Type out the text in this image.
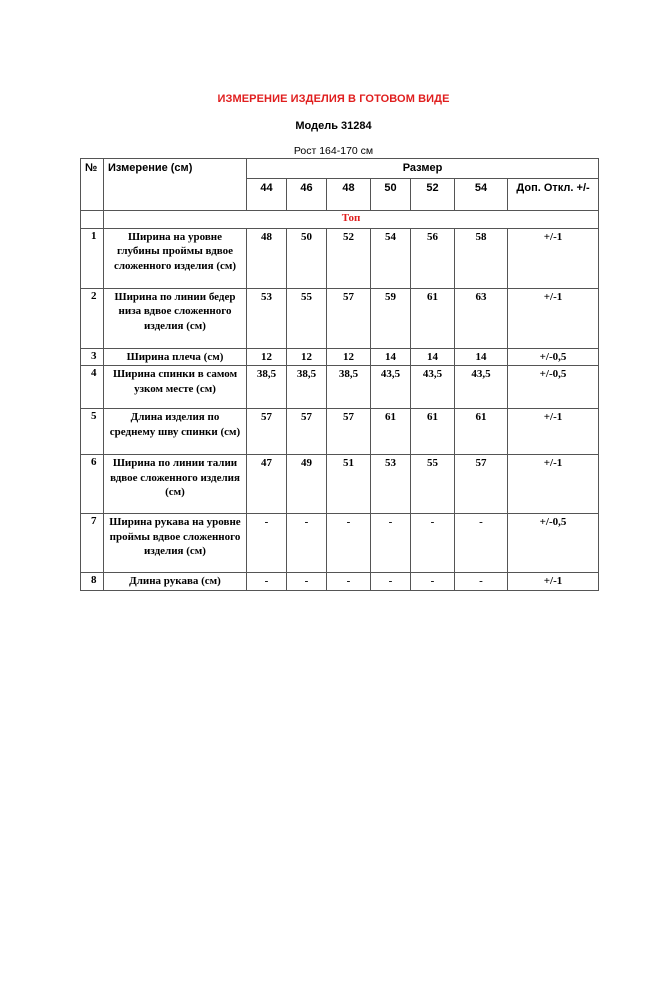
ИЗМЕРЕНИЕ ИЗДЕЛИЯ В ГОТОВОМ ВИДЕ
Модель 31284
Рост 164-170 см
№	Измерение (см)	Размер						
		44	46	48	50	52	54	Доп. Откл. +/-
	Топ							
1	Ширина на уровне глубины проймы вдвое сложенного изделия (см)	48	50	52	54	56	58	+/-1
2	Ширина по линии бедер низа вдвое сложенного изделия (см)	53	55	57	59	61	63	+/-1
3	Ширина плеча (см)	12	12	12	14	14	14	+/-0,5
4	Ширина спинки в самом узком месте (см)	38,5	38,5	38,5	43,5	43,5	43,5	+/-0,5
5	Длина изделия по среднему шву спинки (см)	57	57	57	61	61	61	+/-1
6	Ширина по линии талии вдвое сложенного изделия (см)	47	49	51	53	55	57	+/-1
7	Ширина рукава на уровне проймы вдвое сложенного изделия (см)	-	-	-	-	-	-	+/-0,5
8	Длина рукава (см)	-	-	-	-	-	-	+/-1
